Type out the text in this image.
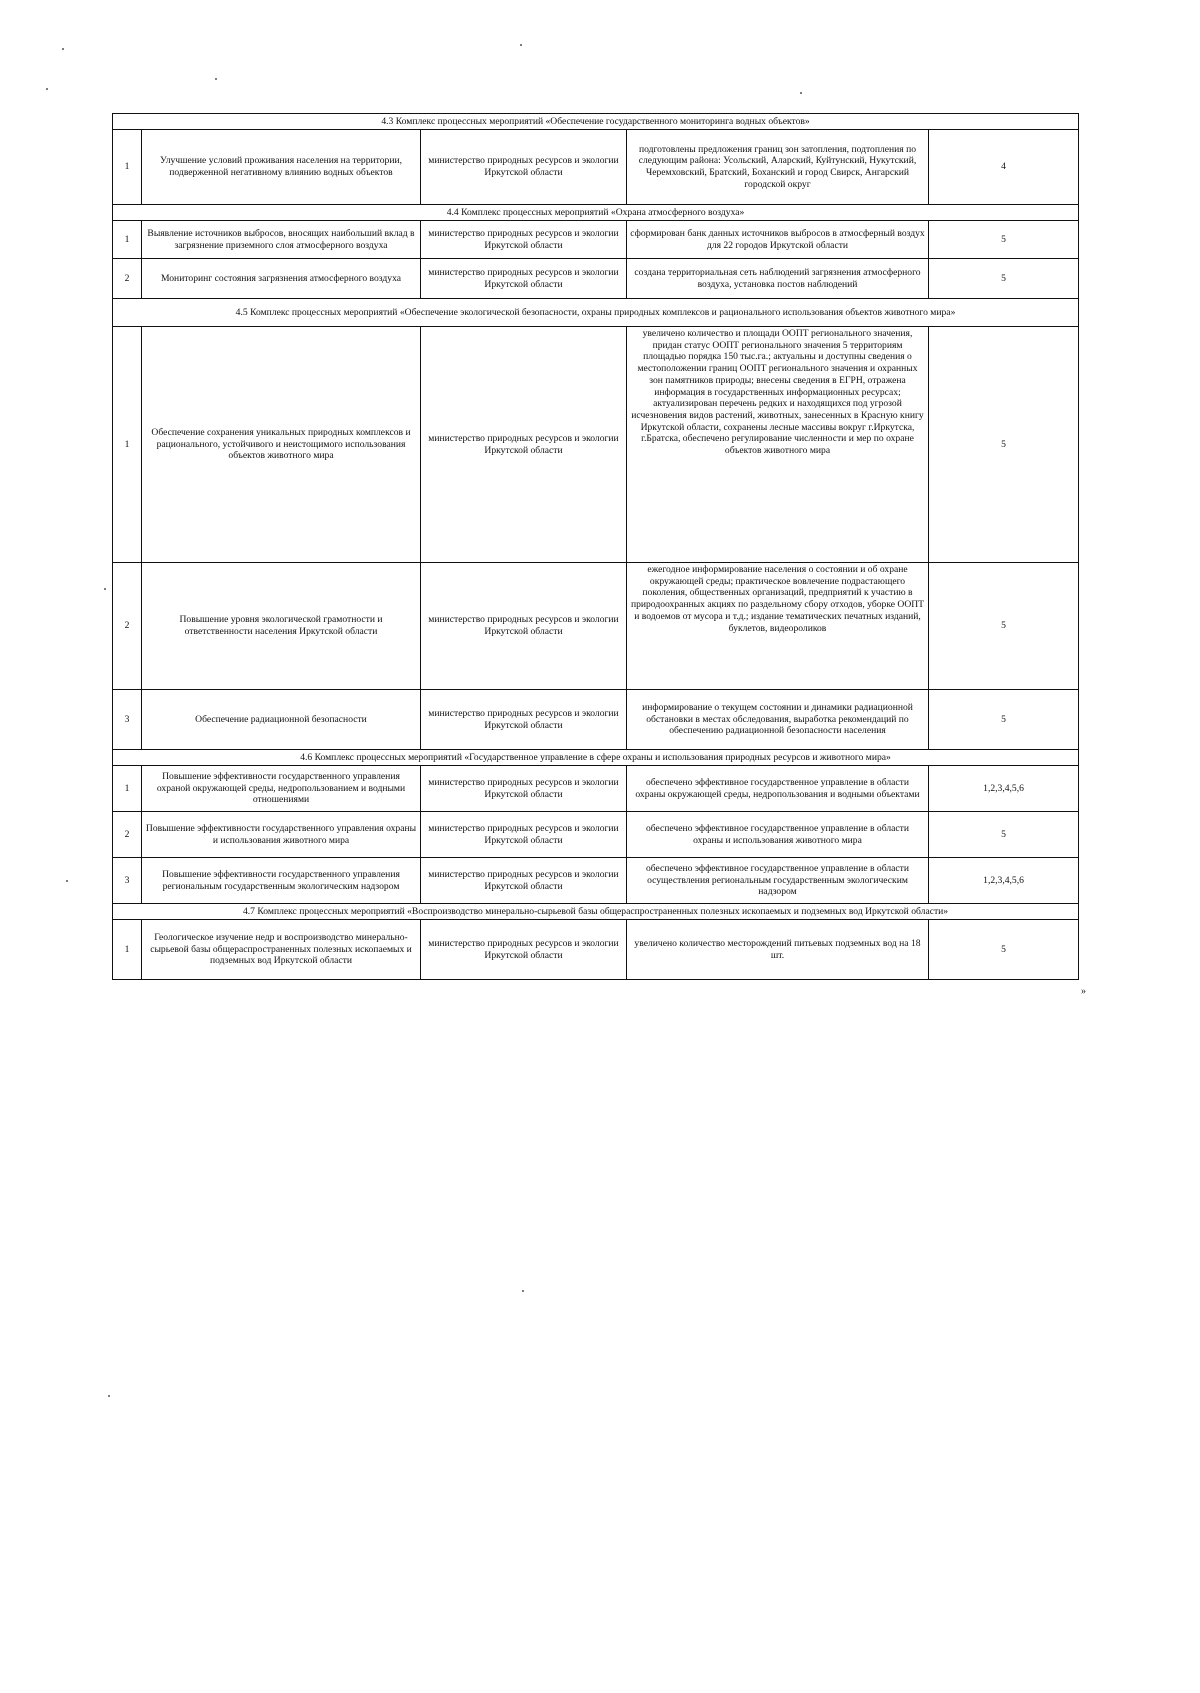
4.3 Комплекс процессных мероприятий «Обеспечение государственного мониторинга водных объектов»				
1	Улучшение условий проживания населения на территории, подверженной негативному влиянию водных объектов	министерство природных ресурсов и экологии Иркутской области	подготовлены предложения границ зон затопления, подтопления по следующим района: Усольский, Аларский, Куйтунский, Нукутский, Черемховский, Братский, Боханский и город Свирск, Ангарский городской округ	4
4.4 Комплекс процессных мероприятий «Охрана атмосферного воздуха»				
1	Выявление источников выбросов, вносящих наибольший вклад в загрязнение приземного слоя атмосферного воздуха	министерство природных ресурсов и экологии Иркутской области	сформирован банк данных источников выбросов в атмосферный воздух для 22 городов Иркутской области	5
2	Мониторинг состояния загрязнения атмосферного воздуха	министерство природных ресурсов и экологии Иркутской области	создана территориальная сеть наблюдений загрязнения атмосферного воздуха, установка постов наблюдений	5
4.5 Комплекс процессных мероприятий «Обеспечение экологической безопасности, охраны природных комплексов и рационального использования объектов животного мира»				
1	Обеспечение сохранения уникальных природных комплексов и рационального, устойчивого и неистощимого использования объектов животного мира	министерство природных ресурсов и экологии Иркутской области	увеличено количество и площади ООПТ регионального значения, придан статус ООПТ регионального значения 5 территориям площадью порядка 150 тыс.га.; актуальны и доступны сведения о местоположении границ ООПТ регионального значения и охранных зон памятников природы; внесены сведения в ЕГРН, отражена информация в государственных информационных ресурсах; актуализирован перечень редких и находящихся под угрозой исчезновения видов растений, животных, занесенных в Красную книгу Иркутской области, сохранены лесные массивы вокруг г.Иркутска, г.Братска, обеспечено регулирование численности и мер по охране объектов животного мира	5
2	Повышение уровня экологической грамотности и ответственности населения Иркутской области	министерство природных ресурсов и экологии Иркутской области	ежегодное информирование населения о состоянии и об охране окружающей среды; практическое вовлечение подрастающего поколения, общественных организаций, предприятий к участию в природоохранных акциях по раздельному сбору отходов, уборке ООПТ и водоемов от мусора и т.д.; издание тематических печатных изданий, буклетов, видеороликов	5
3	Обеспечение радиационной безопасности	министерство природных ресурсов и экологии Иркутской области	информирование о текущем состоянии и динамики радиационной обстановки в местах обследования, выработка рекомендаций по обеспечению радиационной безопасности населения	5
4.6 Комплекс процессных мероприятий «Государственное управление в сфере охраны и использования природных ресурсов и животного мира»				
1	Повышение эффективности государственного управления охраной окружающей среды, недропользованием и водными отношениями	министерство природных ресурсов и экологии Иркутской области	обеспечено эффективное государственное управление в области охраны окружающей среды, недропользования и водными объектами	1,2,3,4,5,6
2	Повышение эффективности государственного управления охраны и использования животного мира	министерство природных ресурсов и экологии Иркутской области	обеспечено эффективное государственное управление в области охраны и использования животного мира	5
3	Повышение эффективности государственного управления региональным государственным экологическим надзором	министерство природных ресурсов и экологии Иркутской области	обеспечено эффективное государственное управление в области осуществления региональным государственным экологическим надзором	1,2,3,4,5,6
4.7 Комплекс процессных мероприятий «Воспроизводство минерально-сырьевой базы общераспространенных полезных ископаемых и подземных вод Иркутской области»				
1	Геологическое изучение недр и воспроизводство минерально-сырьевой базы общераспространенных полезных ископаемых и подземных вод Иркутской области	министерство природных ресурсов и экологии Иркутской области	увеличено количество месторождений питьевых подземных вод на 18 шт.	5
»
